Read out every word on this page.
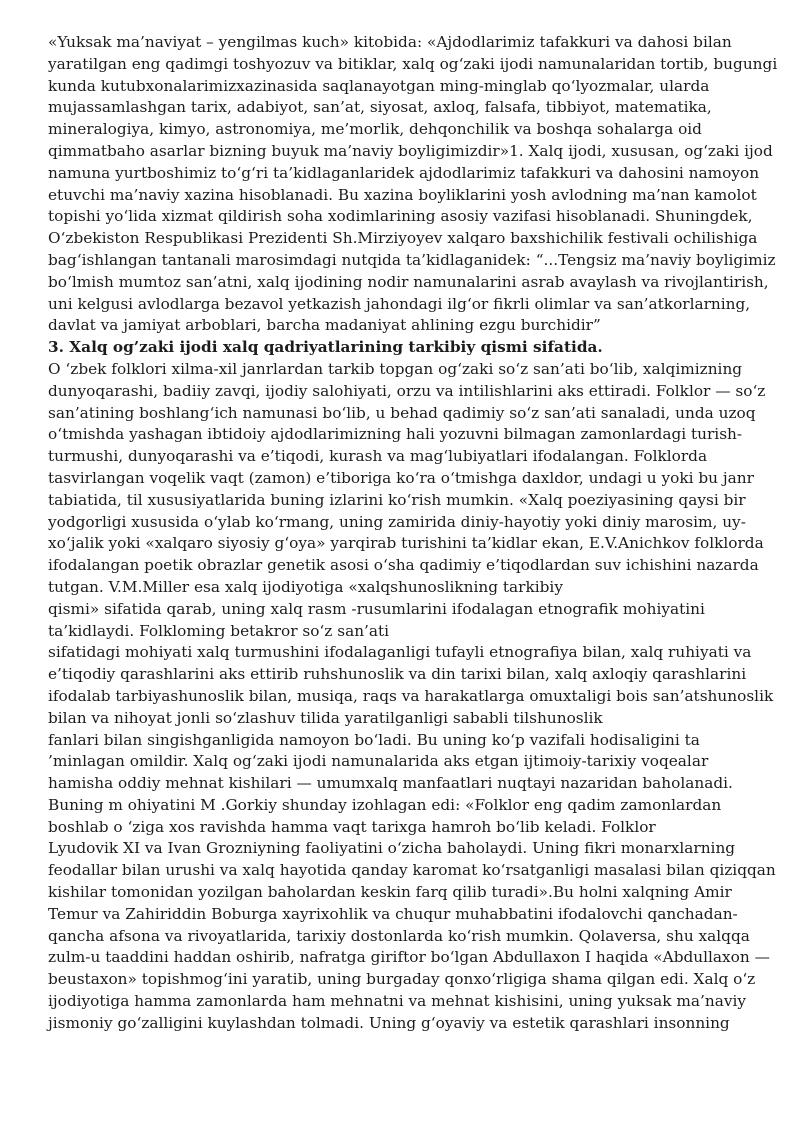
«Yuksak ma’naviyat – yengilmas kuch» kitobida: «Ajdodlarimiz tafakkuri va dahosi bilan

yaratilgan eng qadimgi toshyozuv va bitiklar, xalq og‘zaki ijodi namunalaridan tortib, bugungi

kunda kutubxonalarimizxazinasida saqlanayotgan ming-minglab qo‘lyozmalar, ularda

mujassamlashgan tarix, adabiyot, san’at, siyosat, axloq, falsafa, tibbiyot, matematika,

mineralogiya, kimyo, astronomiya, me’morlik, dehqonchilik va boshqa sohalarga oid

qimmatbaho asarlar bizning buyuk ma’naviy boyligimizdir»1. Xalq ijodi, xususan, og‘zaki ijod

namuna yurtboshimiz to‘g‘ri ta’kidlaganlaridek ajdodlarimiz tafakkuri va dahosini namoyon

etuvchi ma’naviy xazina hisoblanadi. Bu xazina boyliklarini yosh avlodning ma’nan kamolot

topishi yo‘lida xizmat qildirish soha xodimlarining asosiy vazifasi hisoblanadi. Shuningdek,

O‘zbekiston Respublikasi Prezidenti Sh.Mirziyoyev xalqaro baxshichilik festivali ochilishiga

bag‘ishlangan tantanali marosimdagi nutqida ta’kidlaganidek: “...Tengsiz ma’naviy boyligimiz

bo‘lmish mumtoz san’atni, xalq ijodining nodir namunalarini asrab avaylash va rivojlantirish,

uni kelgusi avlodlarga bezavol yetkazish jahondagi ilg‘or fikrli olimlar va san’atkorlarning,

davlat va jamiyat arboblari, barcha madaniyat ahlining ezgu burchidir”

3. Xalq og’zaki ijodi xalq qadriyatlarining tarkibiy qismi sifatida.

O ‘zbek folklori xilma-xil janrlardan tarkib topgan og‘zaki so‘z san’ati bo‘lib, xalqimizning

dunyoqarashi, badiiy zavqi, ijodiy salohiyati, orzu va intilishlarini aks ettiradi. Folklor — so‘z

san’atining boshlang‘ich namunasi bo‘lib, u behad qadimiy so‘z san’ati sanaladi, unda uzoq

o‘tmishda yashagan ibtidoiy ajdodlarimizning hali yozuvni bilmagan zamonlardagi turish-

turmushi, dunyoqarashi va e’tiqodi, kurash va mag‘lubiyatlari ifodalangan. Folklorda

tasvirlangan voqelik vaqt (zamon) e’tiboriga ko‘ra o‘tmishga daxldor, undagi u yoki bu janr

tabiatida, til xususiyatlarida buning izlarini ko‘rish mumkin. «Xalq poeziyasining qaysi bir

yodgorligi xususida o‘ylab ko‘rmang, uning zamirida diniy-hayotiy yoki diniy marosim, uy-

xo‘jalik yoki «xalqaro siyosiy g‘oya» yarqirab turishini ta’kidlar ekan, E.V.Anichkov folklorda

ifodalangan poetik obrazlar genetik asosi o‘sha qadimiy e’tiqodlardan suv ichishini nazarda

tutgan. V.M.Miller esa xalq ijodiyotiga «xalqshunoslikning tarkibiy

qismi» sifatida qarab, uning xalq rasm -rusumlarini ifodalagan etnografik mohiyatini

ta’kidlaydi. Folkloming betakror so‘z san’ati

sifatidagi mohiyati xalq turmushini ifodalaganligi tufayli etnografiya bilan, xalq ruhiyati va

e’tiqodiy qarashlarini aks ettirib ruhshunoslik va din tarixi bilan, xalq axloqiy qarashlarini

ifodalab tarbiyashunoslik bilan, musiqa, raqs va harakatlarga omuxtaligi bois san’atshunoslik

bilan va nihoyat jonli so‘zlashuv tilida yaratilganligi sababli tilshunoslik

fanlari bilan singishganligida namoyon bo‘ladi. Bu uning ko‘p vazifali hodisaligini ta

’minlagan omildir. Xalq og‘zaki ijodi namunalarida aks etgan ijtimoiy-tarixiy voqealar

hamisha oddiy mehnat kishilari — umumxalq manfaatlari nuqtayi nazaridan baholanadi.

Buning m ohiyatini M .Gorkiy shunday izohlagan edi: «Folklor eng qadim zamonlardan

boshlab o ‘ziga xos ravishda hamma vaqt tarixga hamroh bo‘lib keladi. Folklor

Lyudovik XI va Ivan Grozniyning faoliyatini o‘zicha baholaydi. Uning fikri monarxlarning

feodallar bilan urushi va xalq hayotida qanday karomat ko‘rsatganligi masalasi bilan qiziqqan

kishilar tomonidan yozilgan baholardan keskin farq qilib turadi».Bu holni xalqning Amir

Temur va Zahiriddin Boburga xayrixohlik va chuqur muhabbatini ifodalovchi qanchadan-

qancha afsona va rivoyatlarida, tarixiy dostonlarda ko‘rish mumkin. Qolaversa, shu xalqqa

zulm-u taaddini haddan oshirib, nafratga giriftor bo‘lgan Abdullaxon I haqida «Abdullaxon —

beustaxon» topishmog‘ini yaratib, uning burgaday qonxo‘rligiga shama qilgan edi. Xalq o‘z

ijodiyotiga hamma zamonlarda ham mehnatni va mehnat kishisini, uning yuksak ma’naviy

jismoniy go‘zalligini kuylashdan tolmadi. Uning g‘oyaviy va estetik qarashlari insonning
